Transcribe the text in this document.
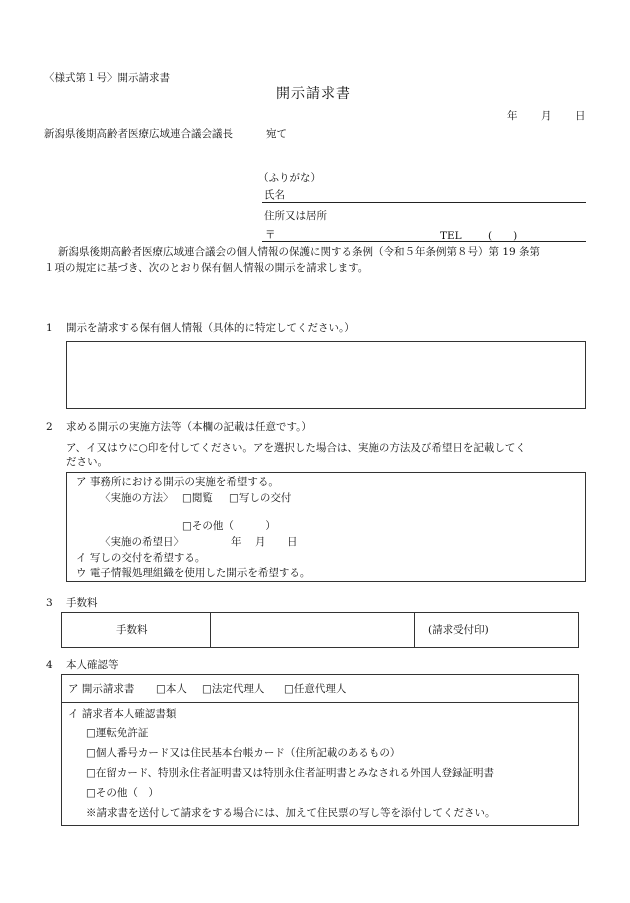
〈様式第１号〉開示請求書
開示請求書
年 月 日
新潟県後期高齢者医療広域連合議会議長	宛て
（ふりがな）
氏名
住所又は居所
〒	TEL	(　　)
新潟県後期高齢者医療広域連合議会の個人情報の保護に関する条例（令和５年条例第８号）第 19 条第
１項の規定に基づき、次のとおり保有個人情報の開示を請求します。
1 開示を請求する保有個人情報（具体的に特定してください。）
2 求める開示の実施方法等（本欄の記載は任意です。）
ア、イ又はウに○印を付してください。アを選択した場合は、実施の方法及び希望日を記載してく
ださい。
ア 事務所における開示の実施を希望する。
〈実施の方法〉 □閲覧 □写しの交付
□その他（　　　）
〈実施の希望日〉	年 月 日
イ 写しの交付を希望する。
ウ 電子情報処理組織を使用した開示を希望する。
3 手数料
手数料	(請求受付印)
4 本人確認等
ア 開示請求書 □本人 □法定代理人 □任意代理人
イ 請求者本人確認書類
□運転免許証
□個人番号カード又は住民基本台帳カード（住所記載のあるもの）
□在留カード、特別永住者証明書又は特別永住者証明書とみなされる外国人登録証明書
□その他（　）
※請求書を送付して請求をする場合には、加えて住民票の写し等を添付してください。
